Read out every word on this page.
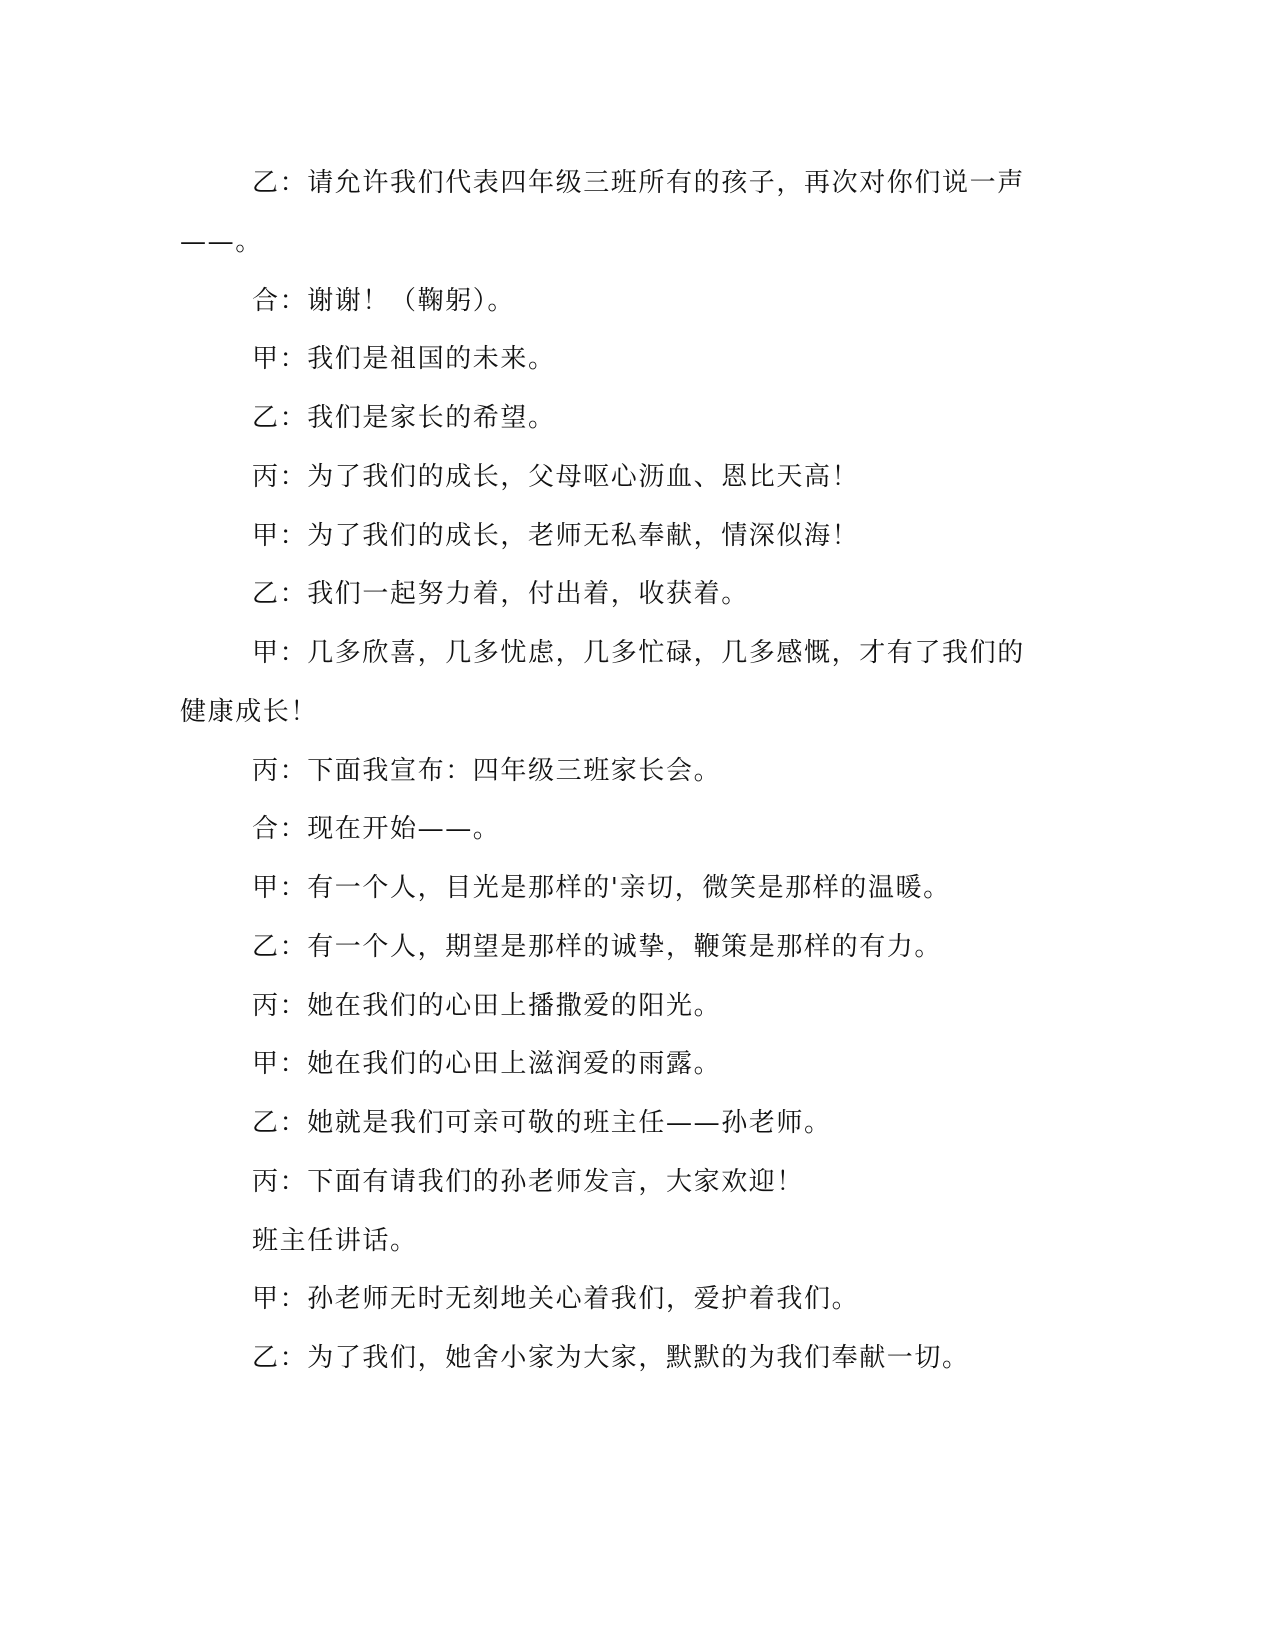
乙：请允许我们代表四年级三班所有的孩子，再次对你们说一声
——。

合：谢谢！（鞠躬）。

甲：我们是祖国的未来。

乙：我们是家长的希望。

丙：为了我们的成长，父母呕心沥血、恩比天高！

甲：为了我们的成长，老师无私奉献，情深似海！

乙：我们一起努力着，付出着，收获着。

甲：几多欣喜，几多忧虑，几多忙碌，几多感慨，才有了我们的
健康成长！

丙：下面我宣布：四年级三班家长会。

合：现在开始——。

甲：有一个人，目光是那样的'亲切，微笑是那样的温暖。

乙：有一个人，期望是那样的诚挚，鞭策是那样的有力。

丙：她在我们的心田上播撒爱的阳光。

甲：她在我们的心田上滋润爱的雨露。

乙：她就是我们可亲可敬的班主任——孙老师。

丙：下面有请我们的孙老师发言，大家欢迎！

班主任讲话。

甲：孙老师无时无刻地关心着我们，爱护着我们。

乙：为了我们，她舍小家为大家，默默的为我们奉献一切。
